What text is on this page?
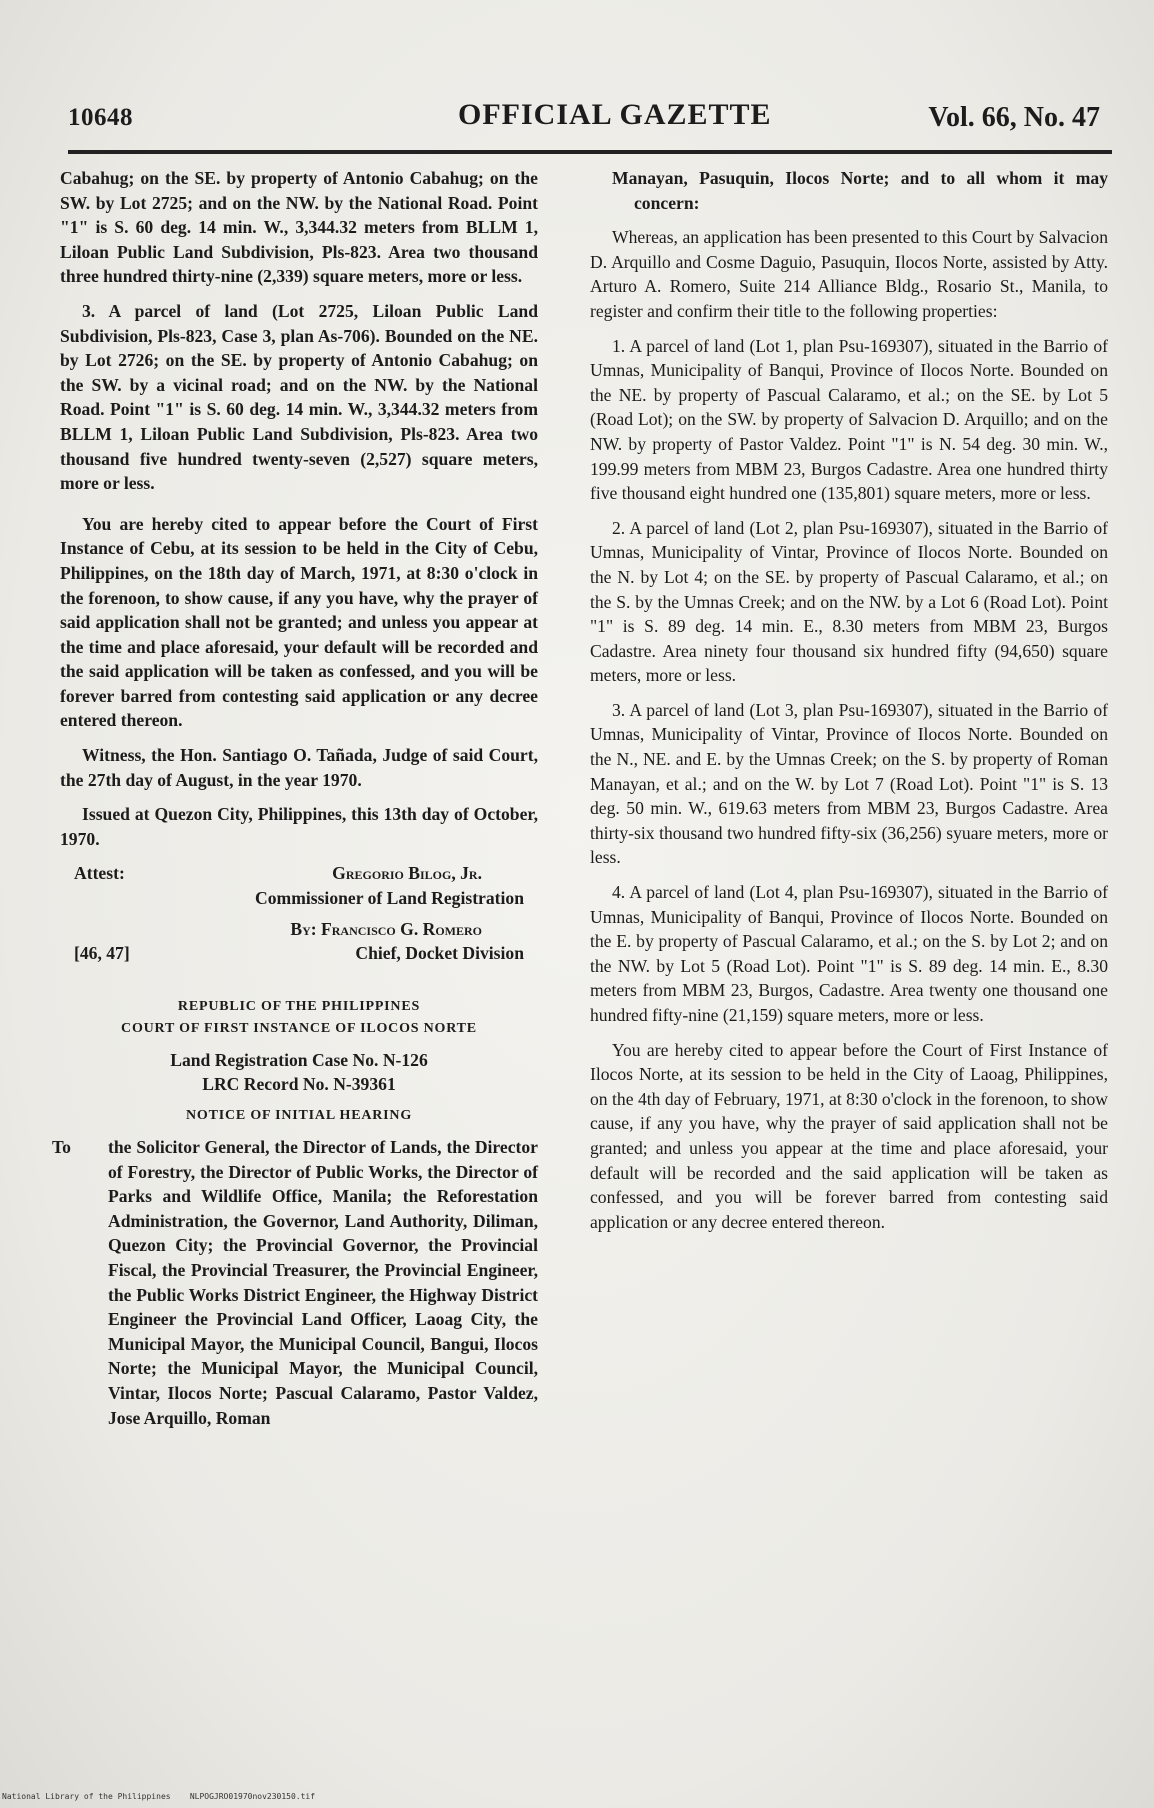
10648	OFFICIAL GAZETTE	Vol. 66, No. 47

Cabahug; on the SE. by property of Antonio Cabahug; on the SW. by Lot 2725; and on the NW. by the National Road. Point "1" is S. 60 deg. 14 min. W., 3,344.32 meters from BLLM 1, Liloan Public Land Subdivision, Pls-823. Area two thousand three hundred thirty-nine (2,339) square meters, more or less.

3. A parcel of land (Lot 2725, Liloan Public Land Subdivision, Pls-823, Case 3, plan As-706). Bounded on the NE. by Lot 2726; on the SE. by property of Antonio Cabahug; on the SW. by a vicinal road; and on the NW. by the National Road. Point "1" is S. 60 deg. 14 min. W., 3,344.32 meters from BLLM 1, Liloan Public Land Subdivision, Pls-823. Area two thousand five hundred twenty-seven (2,527) square meters, more or less.

You are hereby cited to appear before the Court of First Instance of Cebu, at its session to be held in the City of Cebu, Philippines, on the 18th day of March, 1971, at 8:30 o'clock in the forenoon, to show cause, if any you have, why the prayer of said application shall not be granted; and unless you appear at the time and place aforesaid, your default will be recorded and the said application will be taken as confessed, and you will be forever barred from contesting said application or any decree entered thereon.

Witness, the Hon. Santiago O. Tañada, Judge of said Court, the 27th day of August, in the year 1970.

Issued at Quezon City, Philippines, this 13th day of October, 1970.

Attest:	Gregorio Bilog, Jr.

Commissioner of Land Registration

By: Francisco G. Romero

[46, 47]	Chief, Docket Division

REPUBLIC OF THE PHILIPPINES

COURT OF FIRST INSTANCE OF ILOCOS NORTE

Land Registration Case No. N-126

LRC Record No. N-39361

NOTICE OF INITIAL HEARING

To	the Solicitor General, the Director of Lands, the Director of Forestry, the Director of Public Works, the Director of Parks and Wildlife Office, Manila; the Reforestation Administration, the Governor, Land Authority, Diliman, Quezon City; the Provincial Governor, the Provincial Fiscal, the Provincial Treasurer, the Provincial Engineer, the Public Works District Engineer, the Highway District Engineer the Provincial Land Officer, Laoag City, the Municipal Mayor, the Municipal Council, Bangui, Ilocos Norte; the Municipal Mayor, the Municipal Council, Vintar, Ilocos Norte; Pascual Calaramo, Pastor Valdez, Jose Arquillo, Roman

Manayan, Pasuquin, Ilocos Norte; and to all whom it may concern:

Whereas, an application has been presented to this Court by Salvacion D. Arquillo and Cosme Daguio, Pasuquin, Ilocos Norte, assisted by Atty. Arturo A. Romero, Suite 214 Alliance Bldg., Rosario St., Manila, to register and confirm their title to the following properties:

1. A parcel of land (Lot 1, plan Psu-169307), situated in the Barrio of Umnas, Municipality of Banqui, Province of Ilocos Norte. Bounded on the NE. by property of Pascual Calaramo, et al.; on the SE. by Lot 5 (Road Lot); on the SW. by property of Salvacion D. Arquillo; and on the NW. by property of Pastor Valdez. Point "1" is N. 54 deg. 30 min. W., 199.99 meters from MBM 23, Burgos Cadastre. Area one hundred thirty five thousand eight hundred one (135,801) square meters, more or less.

2. A parcel of land (Lot 2, plan Psu-169307), situated in the Barrio of Umnas, Municipality of Vintar, Province of Ilocos Norte. Bounded on the N. by Lot 4; on the SE. by property of Pascual Calaramo, et al.; on the S. by the Umnas Creek; and on the NW. by a Lot 6 (Road Lot). Point "1" is S. 89 deg. 14 min. E., 8.30 meters from MBM 23, Burgos Cadastre. Area ninety four thousand six hundred fifty (94,650) square meters, more or less.

3. A parcel of land (Lot 3, plan Psu-169307), situated in the Barrio of Umnas, Municipality of Vintar, Province of Ilocos Norte. Bounded on the N., NE. and E. by the Umnas Creek; on the S. by property of Roman Manayan, et al.; and on the W. by Lot 7 (Road Lot). Point "1" is S. 13 deg. 50 min. W., 619.63 meters from MBM 23, Burgos Cadastre. Area thirty-six thousand two hundred fifty-six (36,256) syuare meters, more or less.

4. A parcel of land (Lot 4, plan Psu-169307), situated in the Barrio of Umnas, Municipality of Banqui, Province of Ilocos Norte. Bounded on the E. by property of Pascual Calaramo, et al.; on the S. by Lot 2; and on the NW. by Lot 5 (Road Lot). Point "1" is S. 89 deg. 14 min. E., 8.30 meters from MBM 23, Burgos, Cadastre. Area twenty one thousand one hundred fifty-nine (21,159) square meters, more or less.

You are hereby cited to appear before the Court of First Instance of Ilocos Norte, at its session to be held in the City of Laoag, Philippines, on the 4th day of February, 1971, at 8:30 o'clock in the forenoon, to show cause, if any you have, why the prayer of said application shall not be granted; and unless you appear at the time and place aforesaid, your default will be recorded and the said application will be taken as confessed, and you will be forever barred from contesting said application or any decree entered thereon.

National Library of the Philippines    NLPOGJRO01970nov230150.tif
